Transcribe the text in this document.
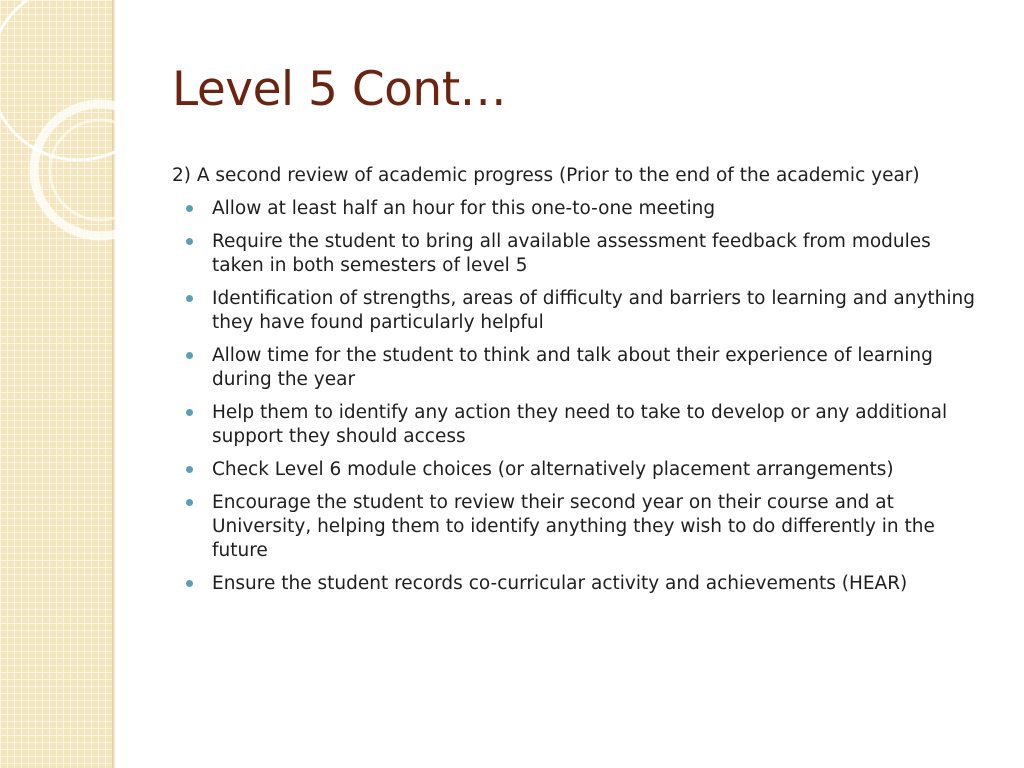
Level 5 Cont…

2) A second review of academic progress (Prior to the end of the academic year)

Allow at least half an hour for this one-to-one meeting
Require the student to bring all available assessment feedback from modules taken in both semesters of level 5
Identification of strengths, areas of difficulty and barriers to learning and anything they have found particularly helpful
Allow time for the student to think and talk about their experience of learning during the year
Help them to identify any action they need to take to develop or any additional support they should access
Check Level 6 module choices (or alternatively placement arrangements)
Encourage the student to review their second year on their course and at University, helping them to identify anything they wish to do differently in the future
Ensure the student records co-curricular activity and achievements (HEAR)
